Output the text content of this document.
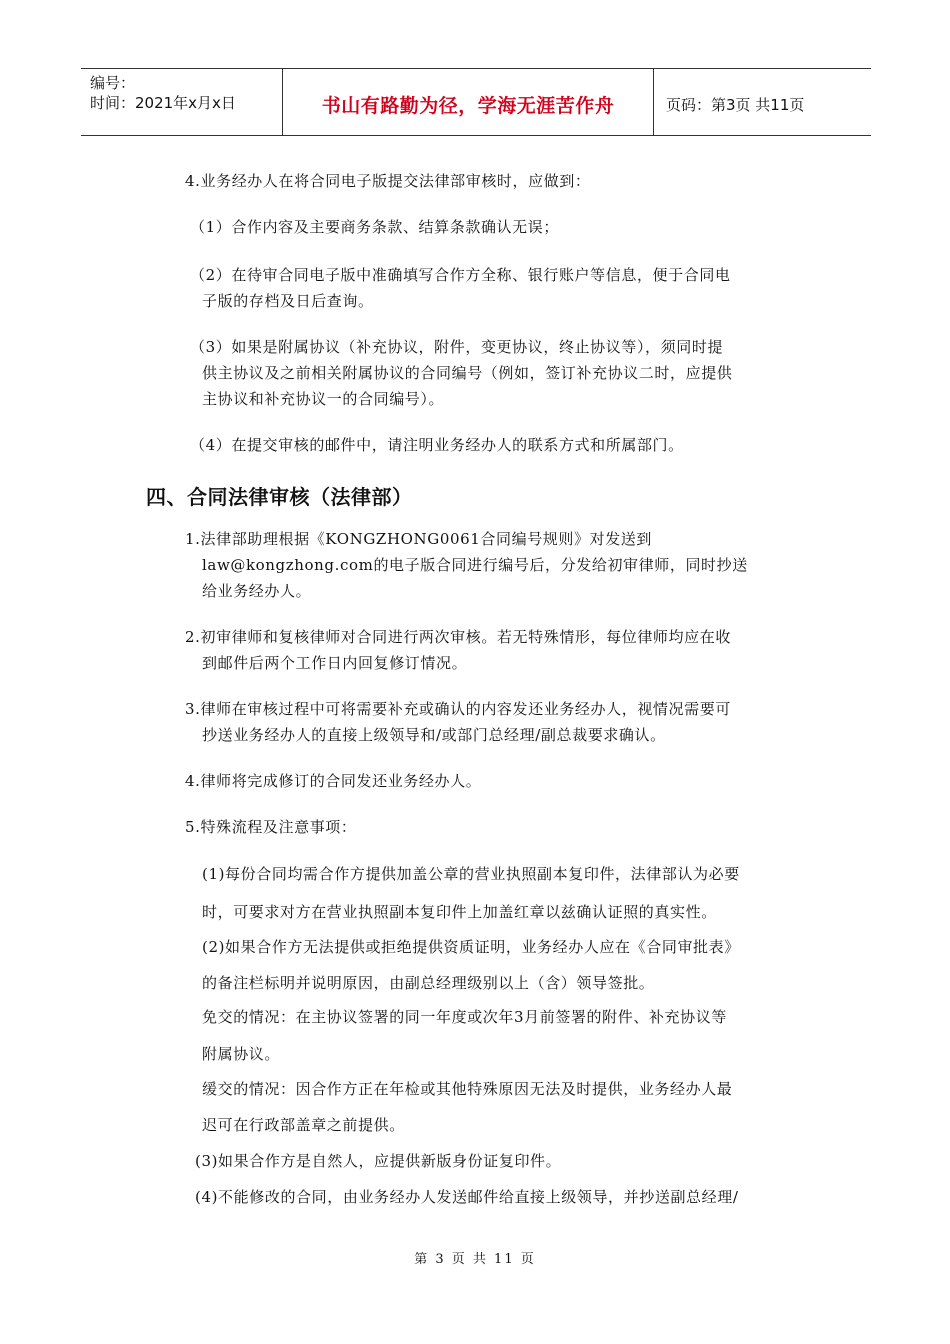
编号：
时间：2021年x月x日	书山有路勤为径，学海无涯苦作舟	页码：第3页 共11页
4.业务经办人在将合同电子版提交法律部审核时，应做到：
（1）合作内容及主要商务条款、结算条款确认无误；
（2）在待审合同电子版中准确填写合作方全称、银行账户等信息，便于合同电
子版的存档及日后查询。
（3）如果是附属协议（补充协议，附件，变更协议，终止协议等），须同时提
供主协议及之前相关附属协议的合同编号（例如，签订补充协议二时，应提供
主协议和补充协议一的合同编号）。
（4）在提交审核的邮件中，请注明业务经办人的联系方式和所属部门。
四、合同法律审核（法律部）
1.法律部助理根据《KONGZHONG0061合同编号规则》对发送到
law@kongzhong.com的电子版合同进行编号后，分发给初审律师，同时抄送
给业务经办人。
2.初审律师和复核律师对合同进行两次审核。若无特殊情形，每位律师均应在收
到邮件后两个工作日内回复修订情况。
3.律师在审核过程中可将需要补充或确认的内容发还业务经办人，视情况需要可
抄送业务经办人的直接上级领导和/或部门总经理/副总裁要求确认。
4.律师将完成修订的合同发还业务经办人。
5.特殊流程及注意事项：
(1)每份合同均需合作方提供加盖公章的营业执照副本复印件，法律部认为必要
时，可要求对方在营业执照副本复印件上加盖红章以兹确认证照的真实性。
(2)如果合作方无法提供或拒绝提供资质证明，业务经办人应在《合同审批表》
的备注栏标明并说明原因，由副总经理级别以上（含）领导签批。
免交的情况：在主协议签署的同一年度或次年3月前签署的附件、补充协议等
附属协议。
缓交的情况：因合作方正在年检或其他特殊原因无法及时提供，业务经办人最
迟可在行政部盖章之前提供。
(3)如果合作方是自然人，应提供新版身份证复印件。
(4)不能修改的合同，由业务经办人发送邮件给直接上级领导，并抄送副总经理/
第 3 页 共 11 页
